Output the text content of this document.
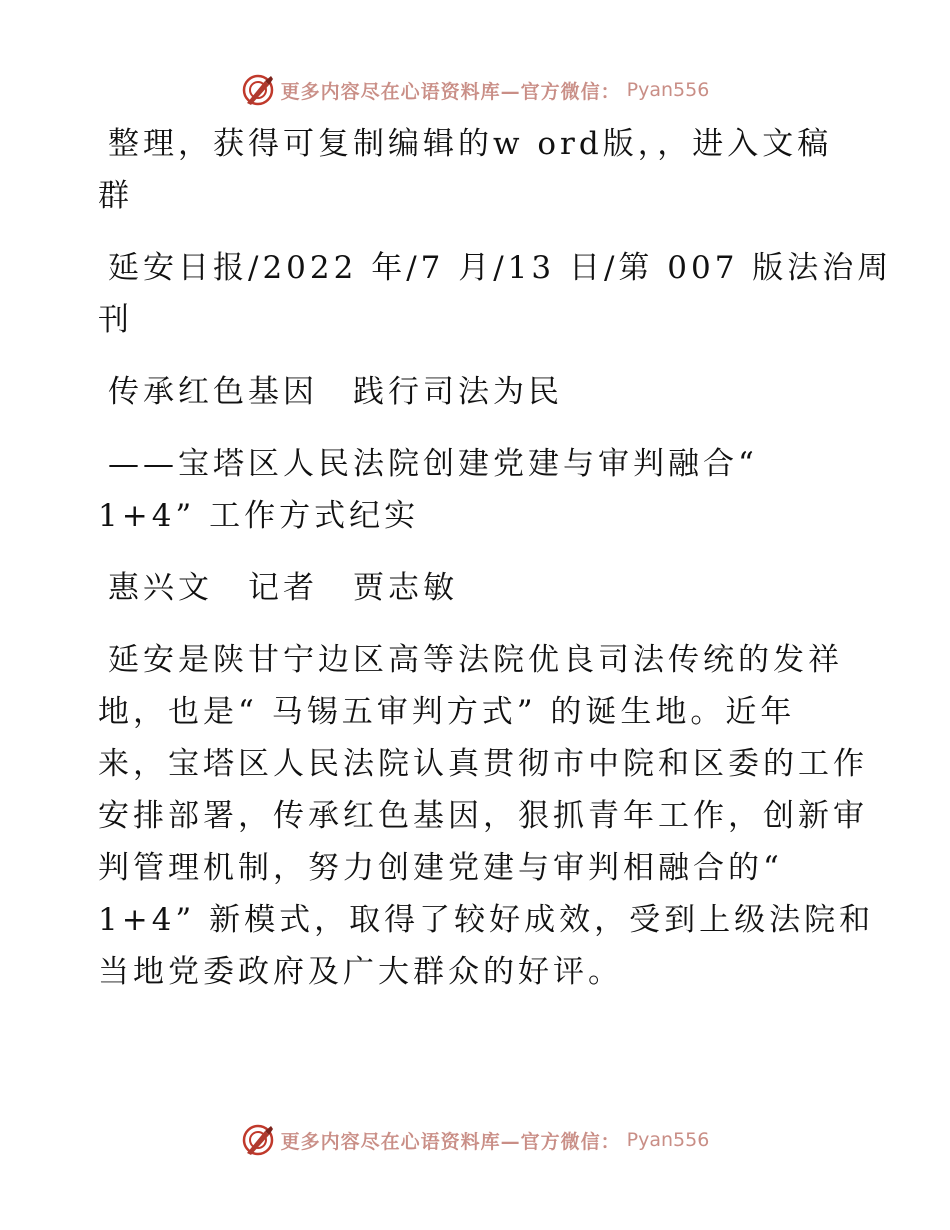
更多内容尽在心语资料库—官方微信： Pyan556
整理，获得可复制编辑的w ord版，，进入文稿
群
延安日报/2022 年/7 月/13 日/第 007 版法治周
刊
传承红色基因　践行司法为民
——宝塔区人民法院创建党建与审判融合“
1+4” 工作方式纪实
惠兴文　记者　贾志敏
延安是陕甘宁边区高等法院优良司法传统的发祥
地，也是“ 马锡五审判方式” 的诞生地。近年
来，宝塔区人民法院认真贯彻市中院和区委的工作
安排部署，传承红色基因，狠抓青年工作，创新审
判管理机制，努力创建党建与审判相融合的“
1+4” 新模式，取得了较好成效，受到上级法院和
当地党委政府及广大群众的好评。
更多内容尽在心语资料库—官方微信： Pyan556
